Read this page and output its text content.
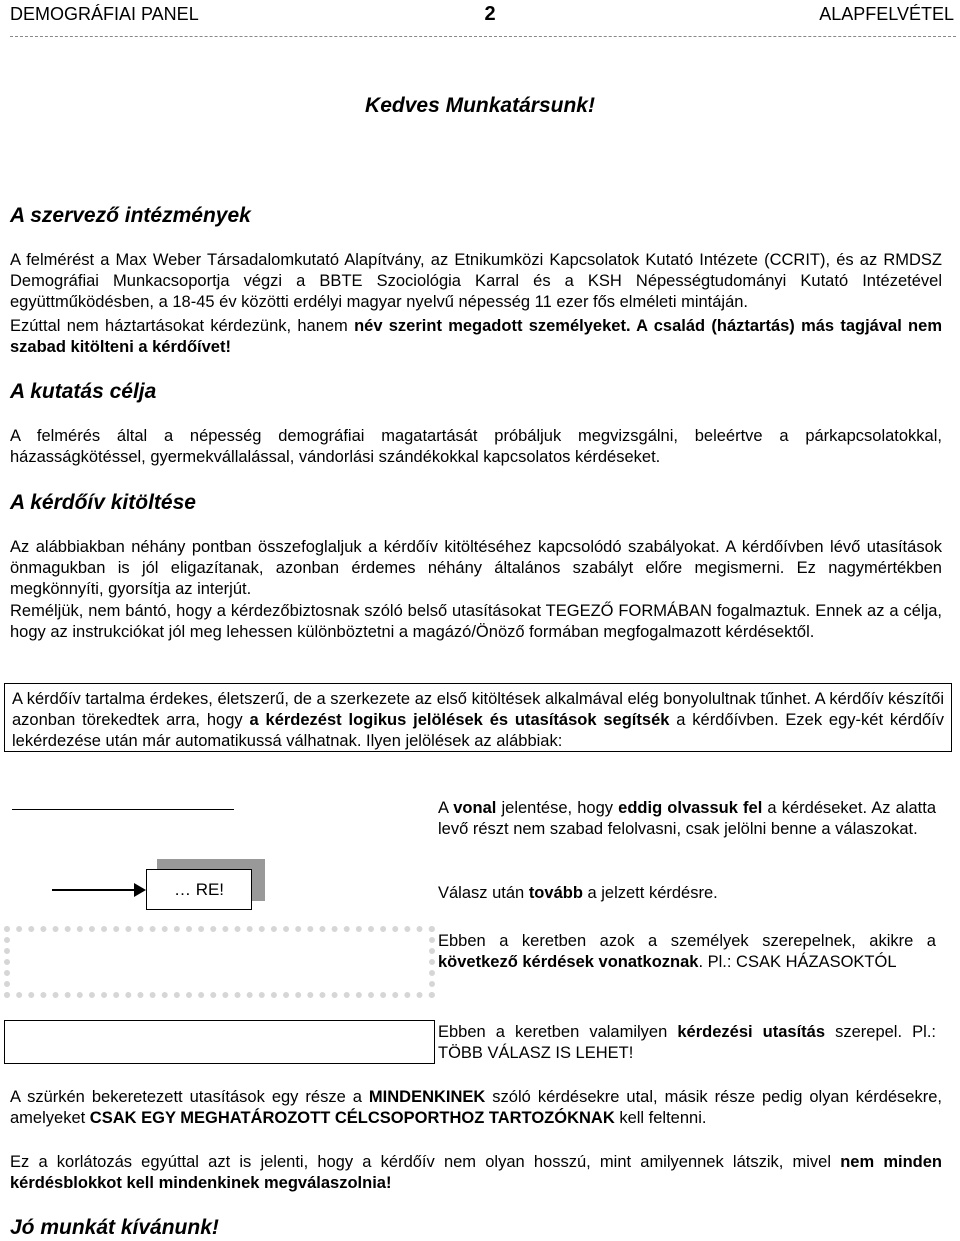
DEMOGRÁFIAI PANEL	2	ALAPFELVÉTEL
Kedves Munkatársunk!
A szervező intézmények

A felmérést a Max Weber Társadalomkutató Alapítvány, az Etnikumközi Kapcsolatok Kutató Intézete (CCRIT), és az RMDSZ Demográfiai Munkacsoportja végzi a BBTE Szociológia Karral és a KSH Népességtudományi Kutató Intézetével együttműködésben, a 18-45 év közötti erdélyi magyar nyelvű népesség 11 ezer fős elméleti mintáján.

Ezúttal nem háztartásokat kérdezünk, hanem név szerint megadott személyeket. A család (háztartás) más tagjával nem szabad kitölteni a kérdőívet!

A kutatás célja

A felmérés által a népesség demográfiai magatartását próbáljuk megvizsgálni, beleértve a párkapcsolatokkal, házasságkötéssel, gyermekvállalással, vándorlási szándékokkal kapcsolatos kérdéseket.

A kérdőív kitöltése

Az alábbiakban néhány pontban összefoglaljuk a kérdőív kitöltéséhez kapcsolódó szabályokat. A kérdőívben lévő utasítások önmagukban is jól eligazítanak, azonban érdemes néhány általános szabályt előre megismerni. Ez nagymértékben megkönnyíti, gyorsítja az interjút.

Reméljük, nem bántó, hogy a kérdezőbiztosnak szóló belső utasításokat TEGEZŐ FORMÁBAN fogalmaztuk. Ennek az a célja, hogy az instrukciókat jól meg lehessen különböztetni a magázó/Önöző formában megfogalmazott kérdésektől.

A kérdőív tartalma érdekes, életszerű, de a szerkezete az első kitöltések alkalmával elég bonyolultnak tűnhet. A kérdőív készítői azonban törekedtek arra, hogy a kérdezést logikus jelölések és utasítások segítsék a kérdőívben. Ezek egy-két kérdőív lekérdezése után már automatikussá válhatnak. Ilyen jelölések az alábbiak:

A vonal jelentése, hogy eddig olvassuk fel a kérdéseket. Az alatta levő részt nem szabad felolvasni, csak jelölni benne a válaszokat.

… RE!	Válasz után tovább a jelzett kérdésre.

Ebben a keretben azok a személyek szerepelnek, akikre a következő kérdések vonatkoznak. Pl.: CSAK HÁZASOKTÓL

Ebben a keretben valamilyen kérdezési utasítás szerepel. Pl.: TÖBB VÁLASZ IS LEHET!

A szürkén bekeretezett utasítások egy része a MINDENKINEK szóló kérdésekre utal, másik része pedig olyan kérdésekre, amelyeket CSAK EGY MEGHATÁROZOTT CÉLCSOPORTHOZ TARTOZÓKNAK kell feltenni.

Ez a korlátozás egyúttal azt is jelenti, hogy a kérdőív nem olyan hosszú, mint amilyennek látszik, mivel nem minden kérdésblokkot kell mindenkinek megválaszolnia!

Jó munkát kívánunk!
